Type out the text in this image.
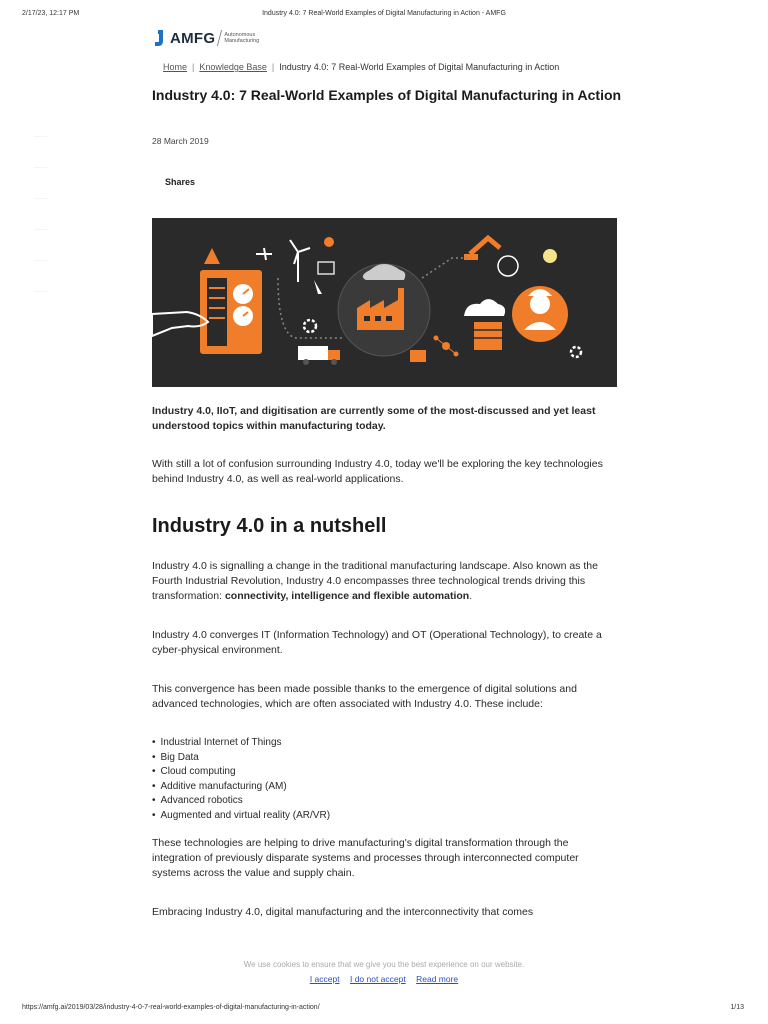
2/17/23, 12:17 PM	Industry 4.0: 7 Real-World Examples of Digital Manufacturing in Action - AMFG
AMFG Autonomous
Manufacturing
Home | Knowledge Base | Industry 4.0: 7 Real-World Examples of Digital Manufacturing in Action
Industry 4.0: 7 Real-World Examples of Digital Manufacturing in Action
28 March 2019
Shares

Industry 4.0, IIoT, and digitisation are currently some of the most-discussed and yet least understood topics within manufacturing today.

With still a lot of confusion surrounding Industry 4.0, today we'll be exploring the key technologies behind Industry 4.0, as well as real-world applications.

Industry 4.0 in a nutshell

Industry 4.0 is signalling a change in the traditional manufacturing landscape. Also known as the Fourth Industrial Revolution, Industry 4.0 encompasses three technological trends driving this transformation: connectivity, intelligence and flexible automation.

Industry 4.0 converges IT (Information Technology) and OT (Operational Technology), to create a cyber-physical environment.

This convergence has been made possible thanks to the emergence of digital solutions and advanced technologies, which are often associated with Industry 4.0. These include:

• Industrial Internet of Things
• Big Data
• Cloud computing
• Additive manufacturing (AM)
• Advanced robotics
• Augmented and virtual reality (AR/VR)

These technologies are helping to drive manufacturing's digital transformation through the integration of previously disparate systems and processes through interconnected computer systems across the value and supply chain.

Embracing Industry 4.0, digital manufacturing and the interconnectivity that comes

We use cookies to ensure that we give you the best experience on our website.
I accept I do not accept Read more
https://amfg.ai/2019/03/28/industry-4-0-7-real-world-examples-of-digital-manufacturing-in-action/	1/13
